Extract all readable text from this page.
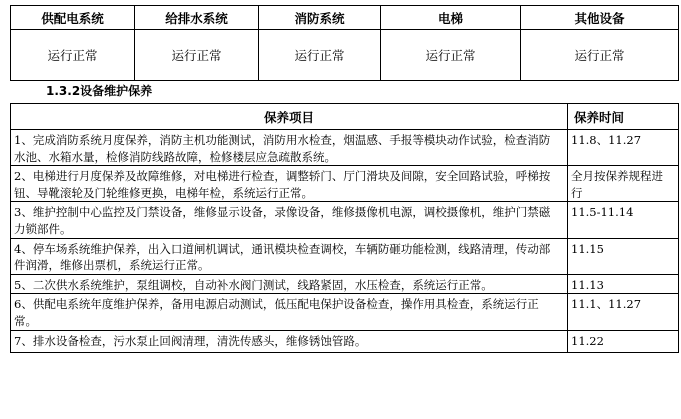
供配电系统	给排水系统	消防系统	电梯	其他设备
运行正常	运行正常	运行正常	运行正常	运行正常
1.3.2设备维护保养
保养项目	保养时间
1、完成消防系统月度保养，消防主机功能测试，消防用水检查，烟温感、手报等模块动作试验，检查消防水池、水箱水量，检修消防线路故障，检修楼层应急疏散系统。	11.8、11.27
2、电梯进行月度保养及故障维修，对电梯进行检查，调整轿门、厅门滑块及间隙，安全回路试验，呼梯按钮、导靴滚轮及门轮维修更换，电梯年检，系统运行正常。	全月按保养规程进行
3、维护控制中心监控及门禁设备，维修显示设备，录像设备，维修摄像机电源，调校摄像机，维护门禁磁力锁部件。	11.5-11.14
4、停车场系统维护保养，出入口道闸机调试，通讯模块检查调校，车辆防砸功能检测，线路清理，传动部件润滑，维修出票机，系统运行正常。	11.15
5、二次供水系统维护，泵组调校，自动补水阀门测试，线路紧固，水压检查，系统运行正常。	11.13
6、供配电系统年度维护保养，备用电源启动测试，低压配电保护设备检查，操作用具检查，系统运行正常。	11.1、11.27
7、排水设备检查，污水泵止回阀清理，清洗传感头，维修锈蚀管路。	11.22
